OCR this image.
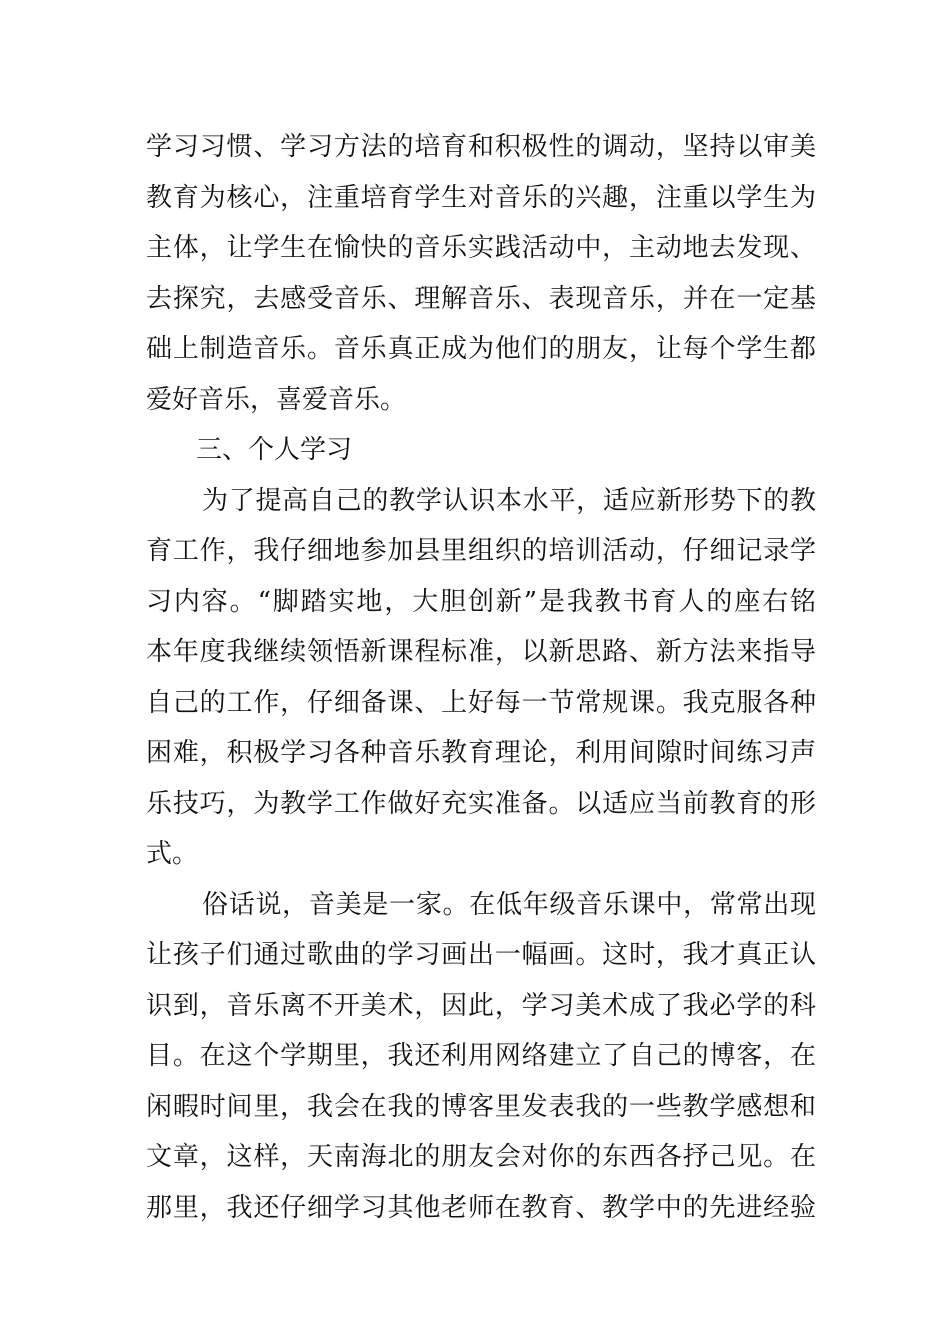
学习习惯、学习方法的培育和积极性的调动，坚持以审美
教育为核心，注重培育学生对音乐的兴趣，注重以学生为
主体，让学生在愉快的音乐实践活动中，主动地去发现、
去探究，去感受音乐、理解音乐、表现音乐，并在一定基
础上制造音乐。音乐真正成为他们的朋友，让每个学生都
爱好音乐，喜爱音乐。
三、个人学习
为了提高自己的教学认识本水平，适应新形势下的教
育工作，我仔细地参加县里组织的培训活动，仔细记录学
习内容。“脚踏实地，大胆创新”是我教书育人的座右铭
本年度我继续领悟新课程标准，以新思路、新方法来指导
自己的工作，仔细备课、上好每一节常规课。我克服各种
困难，积极学习各种音乐教育理论，利用间隙时间练习声
乐技巧，为教学工作做好充实准备。以适应当前教育的形
式。
俗话说，音美是一家。在低年级音乐课中，常常出现
让孩子们通过歌曲的学习画出一幅画。这时，我才真正认
识到，音乐离不开美术，因此，学习美术成了我必学的科
目。在这个学期里，我还利用网络建立了自己的博客，在
闲暇时间里，我会在我的博客里发表我的一些教学感想和
文章，这样，天南海北的朋友会对你的东西各抒己见。在
那里，我还仔细学习其他老师在教育、教学中的先进经验
